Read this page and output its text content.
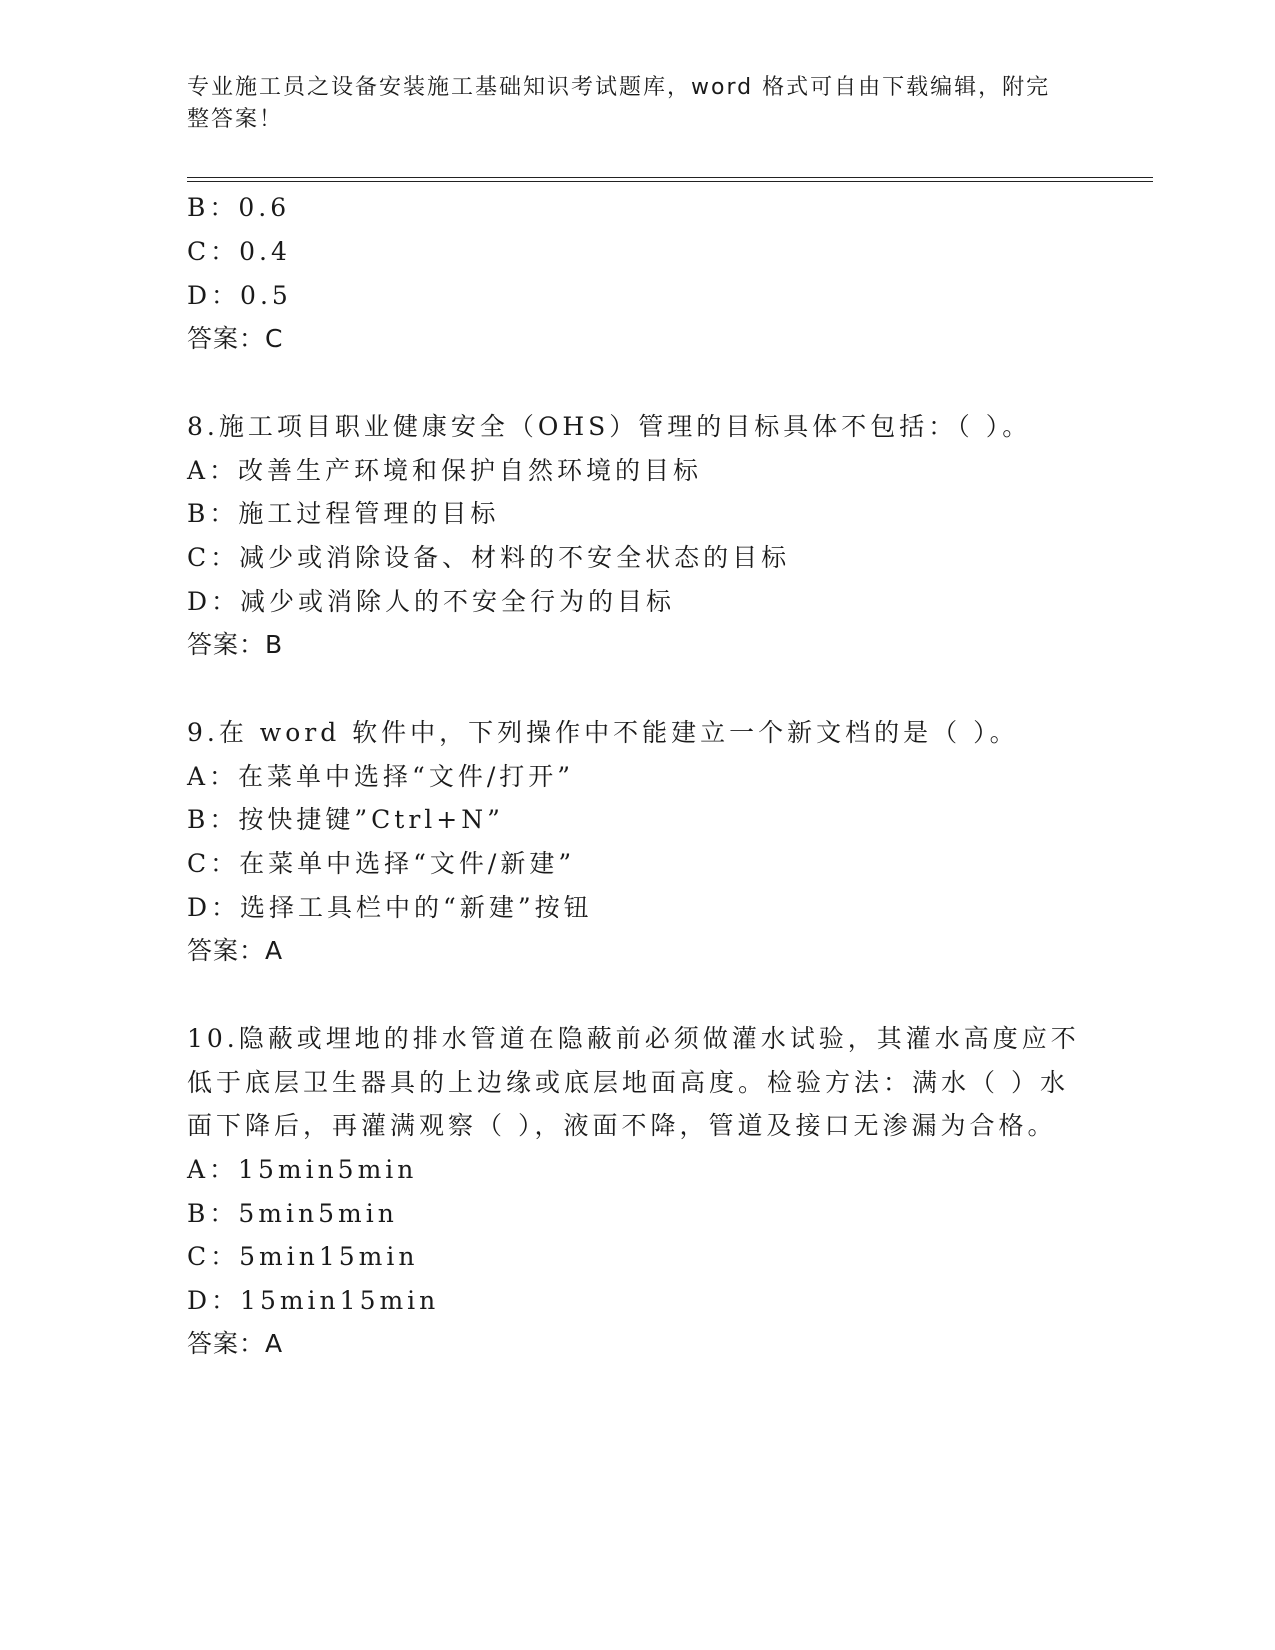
专业施工员之设备安装施工基础知识考试题库，word 格式可自由下载编辑，附完整答案！
B：0.6
C：0.4
D：0.5
答案：C
8.施工项目职业健康安全（OHS）管理的目标具体不包括：（ ）。
A：改善生产环境和保护自然环境的目标
B：施工过程管理的目标
C：减少或消除设备、材料的不安全状态的目标
D：减少或消除人的不安全行为的目标
答案：B
9.在 word 软件中，下列操作中不能建立一个新文档的是（ ）。
A：在菜单中选择“文件/打开”
B：按快捷键”Ctrl+N”
C：在菜单中选择“文件/新建”
D：选择工具栏中的“新建”按钮
答案：A
10.隐蔽或埋地的排水管道在隐蔽前必须做灌水试验，其灌水高度应不
低于底层卫生器具的上边缘或底层地面高度。检验方法：满水（ ）水
面下降后，再灌满观察（ ），液面不降，管道及接口无渗漏为合格。
A：15min5min
B：5min5min
C：5min15min
D：15min15min
答案：A
